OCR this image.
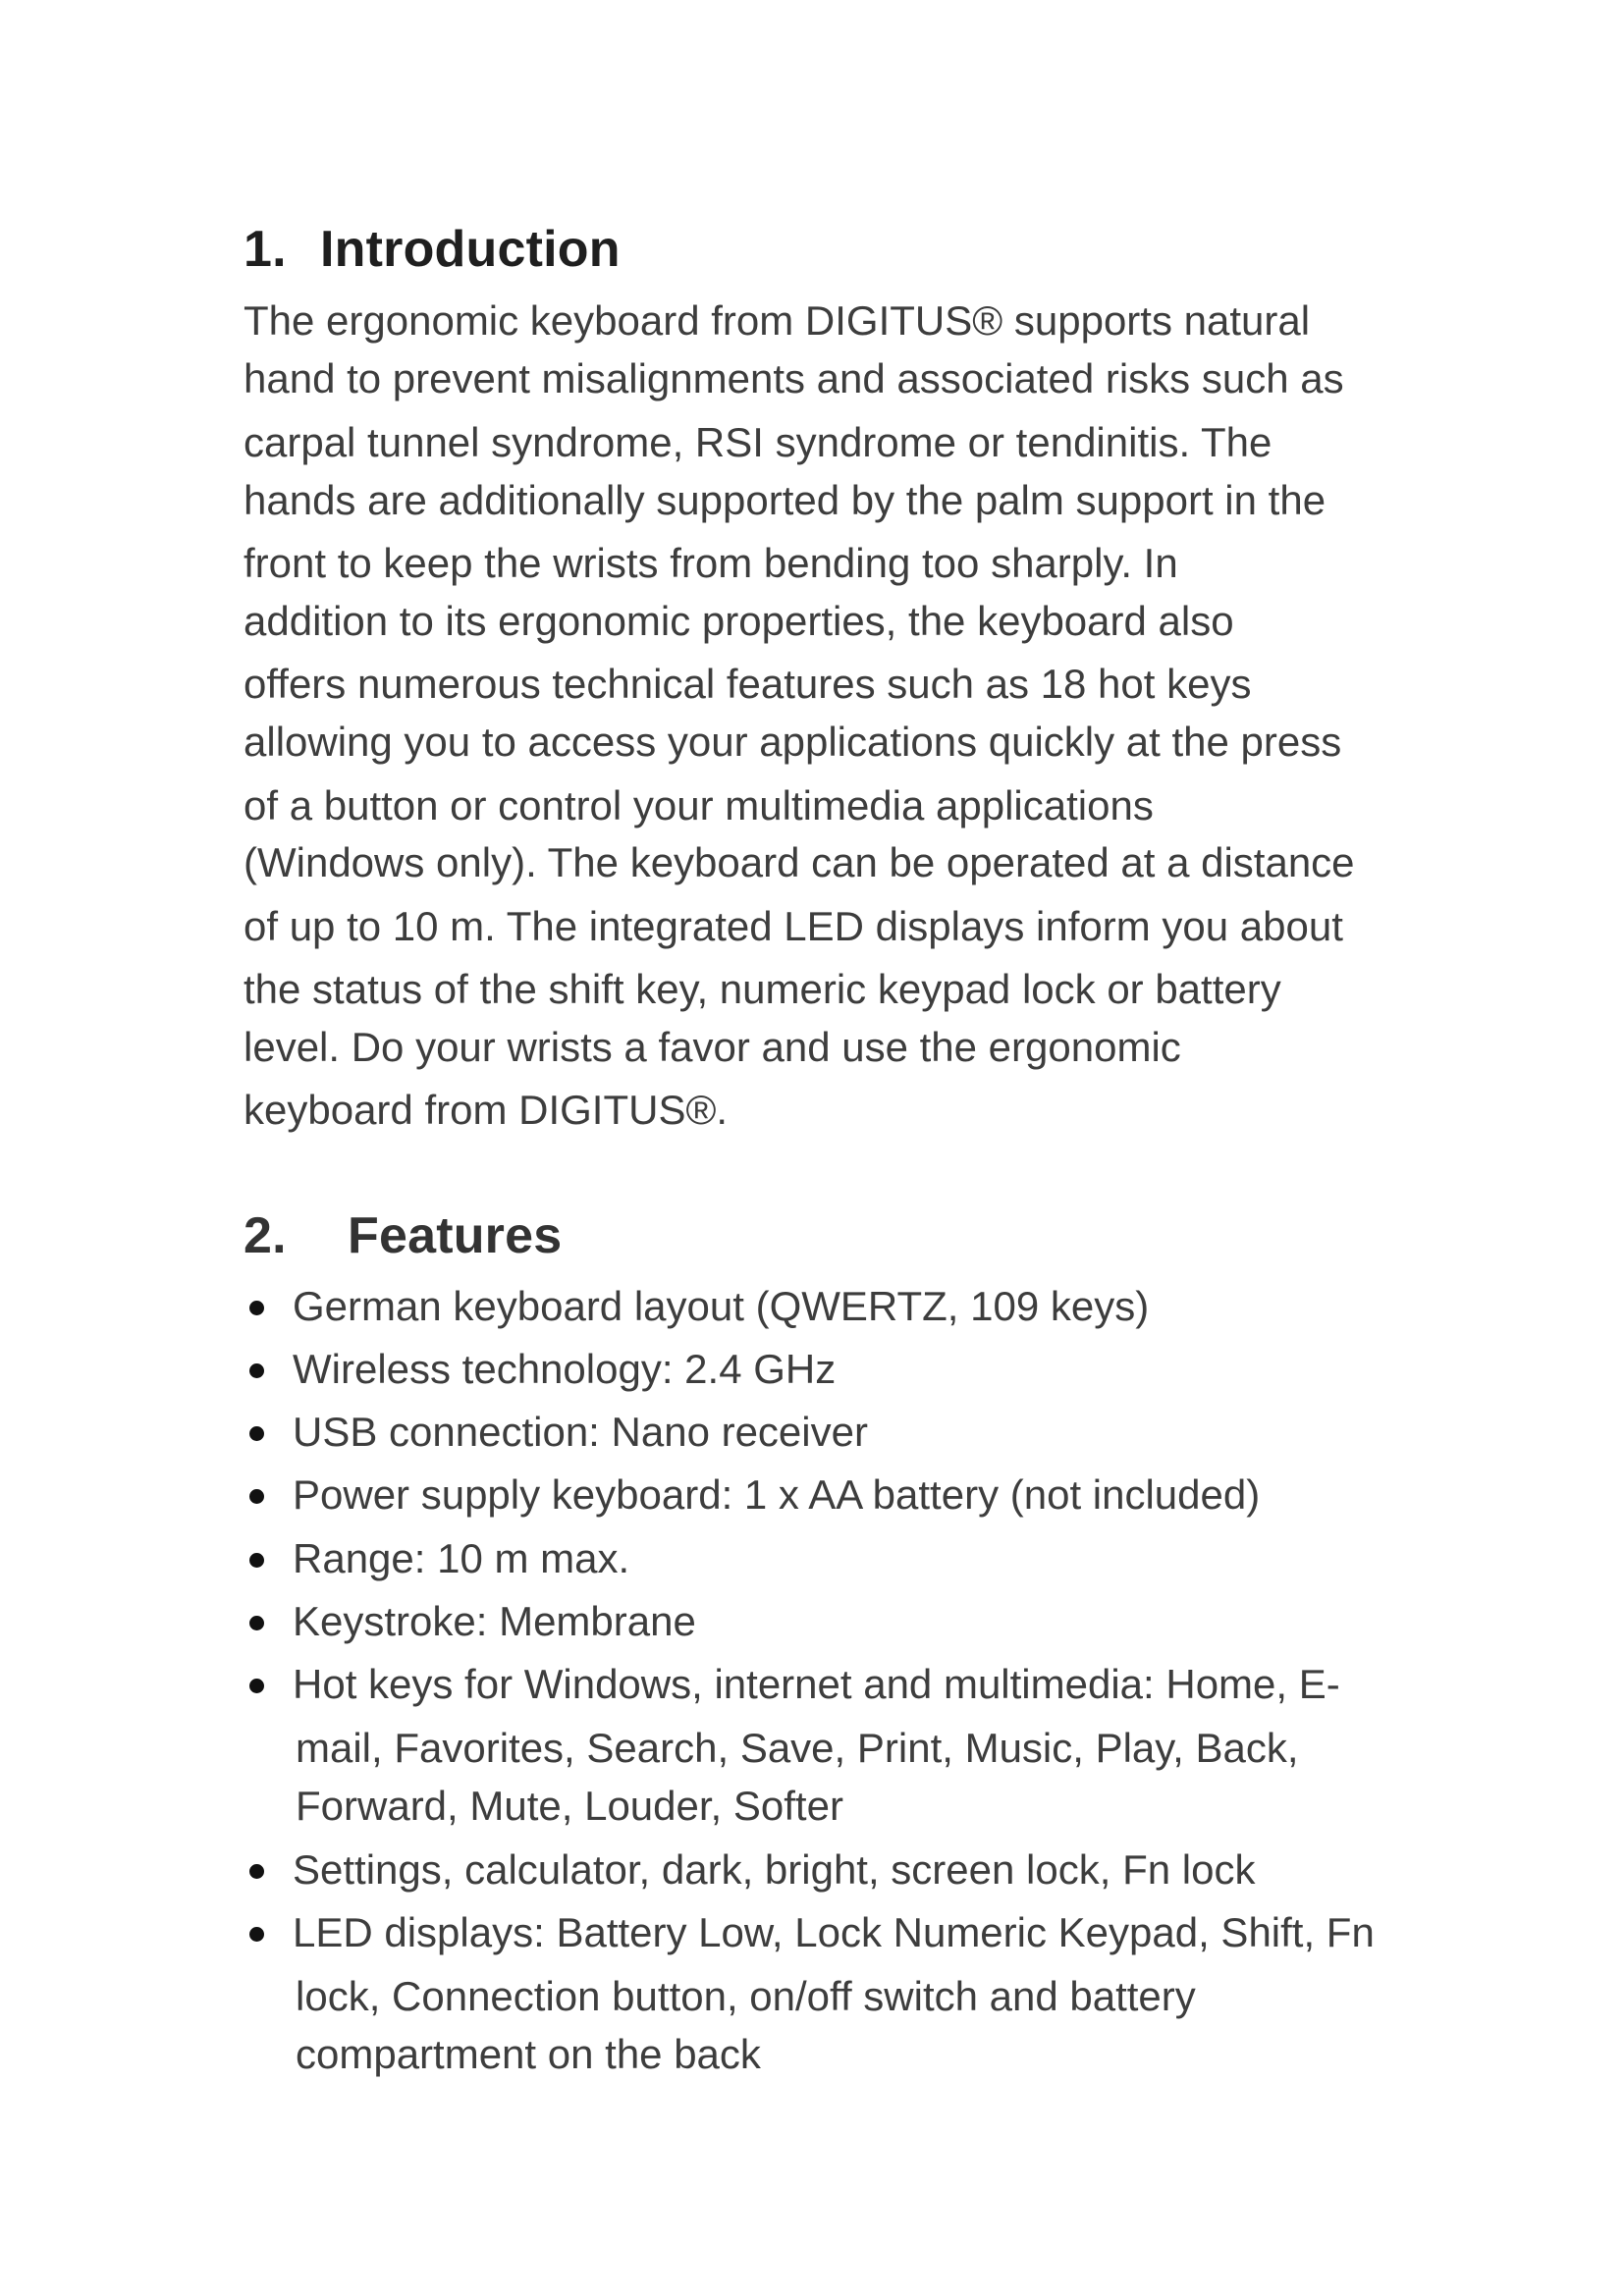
1. Introduction
The ergonomic keyboard from DIGITUS® supports natural
hand to prevent misalignments and associated risks such as
carpal tunnel syndrome, RSI syndrome or tendinitis. The
hands are additionally supported by the palm support in the
front to keep the wrists from bending too sharply. In
addition to its ergonomic properties, the keyboard also
offers numerous technical features such as 18 hot keys
allowing you to access your applications quickly at the press
of a button or control your multimedia applications
(Windows only). The keyboard can be operated at a distance
of up to 10 m. The integrated LED displays inform you about
the status of the shift key, numeric keypad lock or battery
level. Do your wrists a favor and use the ergonomic
keyboard from DIGITUS®.
2. Features
German keyboard layout (QWERTZ, 109 keys)
Wireless technology: 2.4 GHz
USB connection: Nano receiver
Power supply keyboard: 1 x AA battery (not included)
Range: 10 m max.
Keystroke: Membrane
Hot keys for Windows, internet and multimedia: Home, E-
mail, Favorites, Search, Save, Print, Music, Play, Back,
Forward, Mute, Louder, Softer
Settings, calculator, dark, bright, screen lock, Fn lock
LED displays: Battery Low, Lock Numeric Keypad, Shift, Fn
lock, Connection button, on/off switch and battery
compartment on the back
